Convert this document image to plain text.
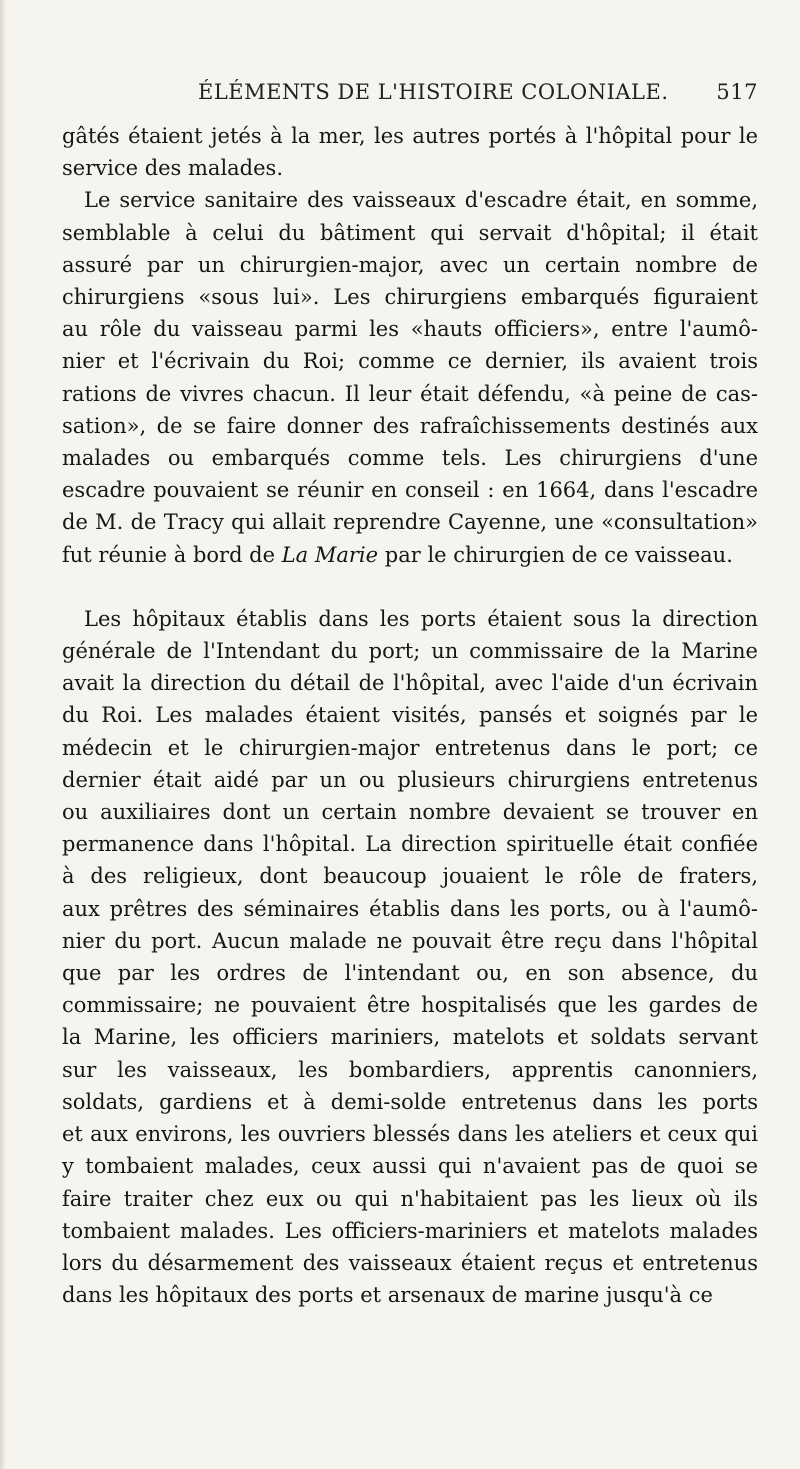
ÉLÉMENTS DE L'HISTOIRE COLONIALE. 517

gâtés étaient jetés à la mer, les autres portés à l'hôpital pour le
service des malades.

Le service sanitaire des vaisseaux d'escadre était, en somme,
semblable à celui du bâtiment qui servait d'hôpital; il était
assuré par un chirurgien-major, avec un certain nombre de
chirurgiens «sous lui». Les chirurgiens embarqués figuraient
au rôle du vaisseau parmi les «hauts officiers», entre l'aumô-
nier et l'écrivain du Roi; comme ce dernier, ils avaient trois
rations de vivres chacun. Il leur était défendu, «à peine de cas-
sation», de se faire donner des rafraîchissements destinés aux
malades ou embarqués comme tels. Les chirurgiens d'une
escadre pouvaient se réunir en conseil : en 1664, dans l'escadre
de M. de Tracy qui allait reprendre Cayenne, une «consultation»
fut réunie à bord de La Marie par le chirurgien de ce vaisseau.

Les hôpitaux établis dans les ports étaient sous la direction
générale de l'Intendant du port; un commissaire de la Marine
avait la direction du détail de l'hôpital, avec l'aide d'un écrivain
du Roi. Les malades étaient visités, pansés et soignés par le
médecin et le chirurgien-major entretenus dans le port; ce
dernier était aidé par un ou plusieurs chirurgiens entretenus
ou auxiliaires dont un certain nombre devaient se trouver en
permanence dans l'hôpital. La direction spirituelle était confiée
à des religieux, dont beaucoup jouaient le rôle de fraters,
aux prêtres des séminaires établis dans les ports, ou à l'aumô-
nier du port. Aucun malade ne pouvait être reçu dans l'hôpital
que par les ordres de l'intendant ou, en son absence, du
commissaire; ne pouvaient être hospitalisés que les gardes de
la Marine, les officiers mariniers, matelots et soldats servant
sur les vaisseaux, les bombardiers, apprentis canonniers,
soldats, gardiens et à demi-solde entretenus dans les ports
et aux environs, les ouvriers blessés dans les ateliers et ceux qui
y tombaient malades, ceux aussi qui n'avaient pas de quoi se
faire traiter chez eux ou qui n'habitaient pas les lieux où ils
tombaient malades. Les officiers-mariniers et matelots malades
lors du désarmement des vaisseaux étaient reçus et entretenus
dans les hôpitaux des ports et arsenaux de marine jusqu'à ce
